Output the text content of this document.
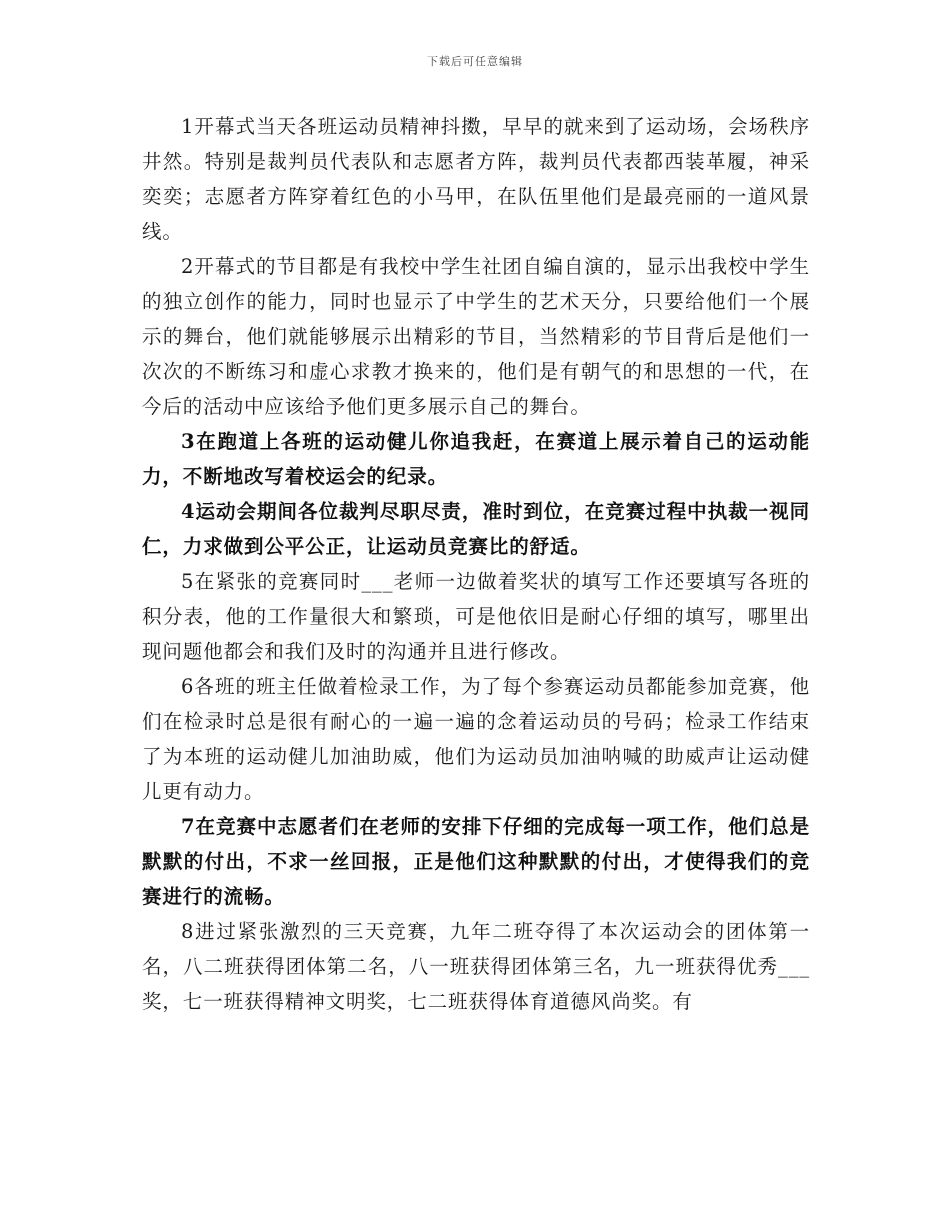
下载后可任意编辑

1开幕式当天各班运动员精神抖擞，早早的就来到了运动场，会场秩序井然。特别是裁判员代表队和志愿者方阵，裁判员代表都西装革履，神采奕奕；志愿者方阵穿着红色的小马甲，在队伍里他们是最亮丽的一道风景线。

2开幕式的节目都是有我校中学生社团自编自演的，显示出我校中学生的独立创作的能力，同时也显示了中学生的艺术天分，只要给他们一个展示的舞台，他们就能够展示出精彩的节目，当然精彩的节目背后是他们一次次的不断练习和虚心求教才换来的，他们是有朝气的和思想的一代，在今后的活动中应该给予他们更多展示自己的舞台。

3在跑道上各班的运动健儿你追我赶，在赛道上展示着自己的运动能力，不断地改写着校运会的纪录。

4运动会期间各位裁判尽职尽责，准时到位，在竞赛过程中执裁一视同仁，力求做到公平公正，让运动员竞赛比的舒适。

5在紧张的竞赛同时___老师一边做着奖状的填写工作还要填写各班的积分表，他的工作量很大和繁琐，可是他依旧是耐心仔细的填写，哪里出现问题他都会和我们及时的沟通并且进行修改。

6各班的班主任做着检录工作，为了每个参赛运动员都能参加竞赛，他们在检录时总是很有耐心的一遍一遍的念着运动员的号码；检录工作结束了为本班的运动健儿加油助威，他们为运动员加油呐喊的助威声让运动健儿更有动力。

7在竞赛中志愿者们在老师的安排下仔细的完成每一项工作，他们总是默默的付出，不求一丝回报，正是他们这种默默的付出，才使得我们的竞赛进行的流畅。

8进过紧张激烈的三天竞赛，九年二班夺得了本次运动会的团体第一名，八二班获得团体第二名，八一班获得团体第三名，九一班获得优秀___奖，七一班获得精神文明奖，七二班获得体育道德风尚奖。有
